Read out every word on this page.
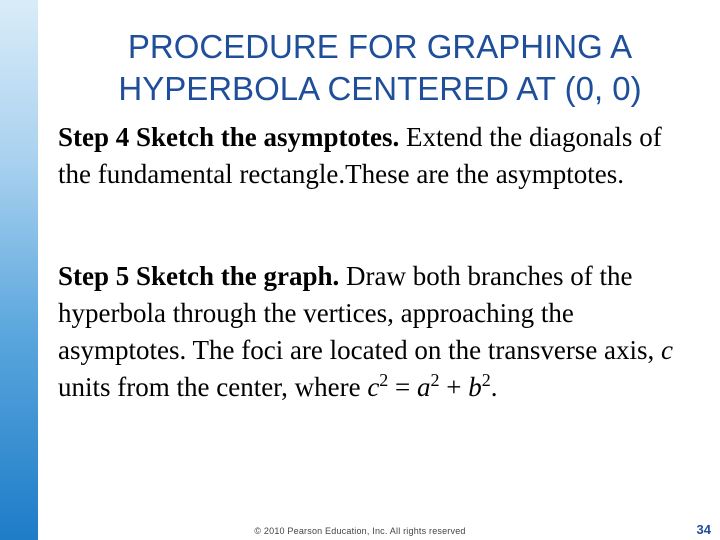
PROCEDURE FOR GRAPHING A
HYPERBOLA CENTERED AT (0, 0)
Step 4 Sketch the asymptotes. Extend the diagonals of the fundamental rectangle.These are the asymptotes.
Step 5 Sketch the graph. Draw both branches of the hyperbola through the vertices, approaching the asymptotes. The foci are located on the transverse axis, c units from the center, where $c^2 = a^2 + b^2$.
© 2010 Pearson Education, Inc. All rights reserved	34
